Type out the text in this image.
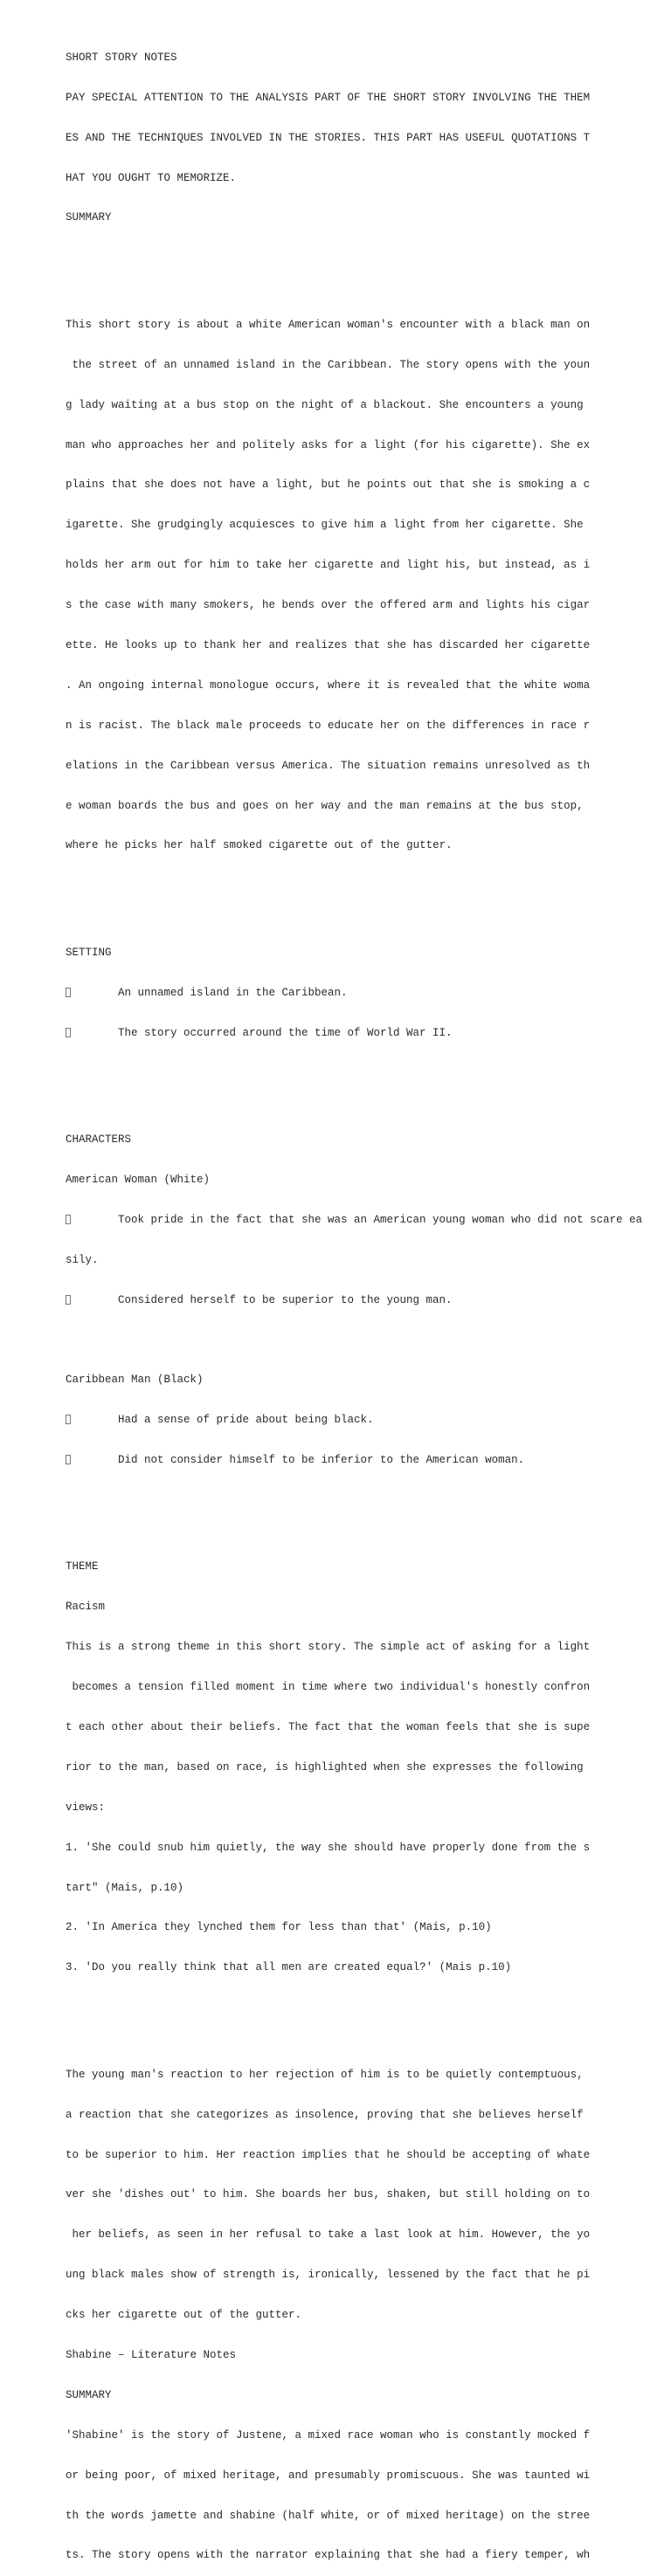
SHORT STORY NOTES

PAY SPECIAL ATTENTION TO THE ANALYSIS PART OF THE SHORT STORY INVOLVING THE THEM

ES AND THE TECHNIQUES INVOLVED IN THE STORIES. THIS PART HAS USEFUL QUOTATIONS T

HAT YOU OUGHT TO MEMORIZE.

SUMMARY

This short story is about a white American woman's encounter with a black man on

the street of an unnamed island in the Caribbean. The story opens with the youn

g lady waiting at a bus stop on the night of a blackout. She encounters a young

man who approaches her and politely asks for a light (for his cigarette). She ex

plains that she does not have a light, but he points out that she is smoking a c

igarette. She grudgingly acquiesces to give him a light from her cigarette. She

holds her arm out for him to take her cigarette and light his, but instead, as i

s the case with many smokers, he bends over the offered arm and lights his cigar

ette. He looks up to thank her and realizes that she has discarded her cigarette

. An ongoing internal monologue occurs, where it is revealed that the white woma

n is racist. The black male proceeds to educate her on the differences in race r

elations in the Caribbean versus America. The situation remains unresolved as th

e woman boards the bus and goes on her way and the man remains at the bus stop,

where he picks her half smoked cigarette out of the gutter.

SETTING

An unnamed island in the Caribbean.

The story occurred around the time of World War II.

CHARACTERS

American Woman (White)

Took pride in the fact that she was an American young woman who did not scare ea

sily.

Considered herself to be superior to the young man.

Caribbean Man (Black)

Had a sense of pride about being black.

Did not consider himself to be inferior to the American woman.

THEME

Racism

This is a strong theme in this short story. The simple act of asking for a light

becomes a tension filled moment in time where two individual's honestly confron

t each other about their beliefs. The fact that the woman feels that she is supe

rior to the man, based on race, is highlighted when she expresses the following

views:

1. 'She could snub him quietly, the way she should have properly done from the s

tart" (Mais, p.10)

2. 'In America they lynched them for less than that' (Mais, p.10)

3. 'Do you really think that all men are created equal?' (Mais p.10)

The young man's reaction to her rejection of him is to be quietly contemptuous,

a reaction that she categorizes as insolence, proving that she believes herself

to be superior to him. Her reaction implies that he should be accepting of whate

ver she 'dishes out' to him. She boards her bus, shaken, but still holding on to

her beliefs, as seen in her refusal to take a last look at him. However, the yo

ung black males show of strength is, ironically, lessened by the fact that he pi

cks her cigarette out of the gutter.

Shabine – Literature Notes

SUMMARY

'Shabine' is the story of Justene, a mixed race woman who is constantly mocked f

or being poor, of mixed heritage, and presumably promiscuous. She was taunted wi

th the words jamette and shabine (half white, or of mixed heritage) on the stree

ts. The story opens with the narrator explaining that she had a fiery temper, wh
